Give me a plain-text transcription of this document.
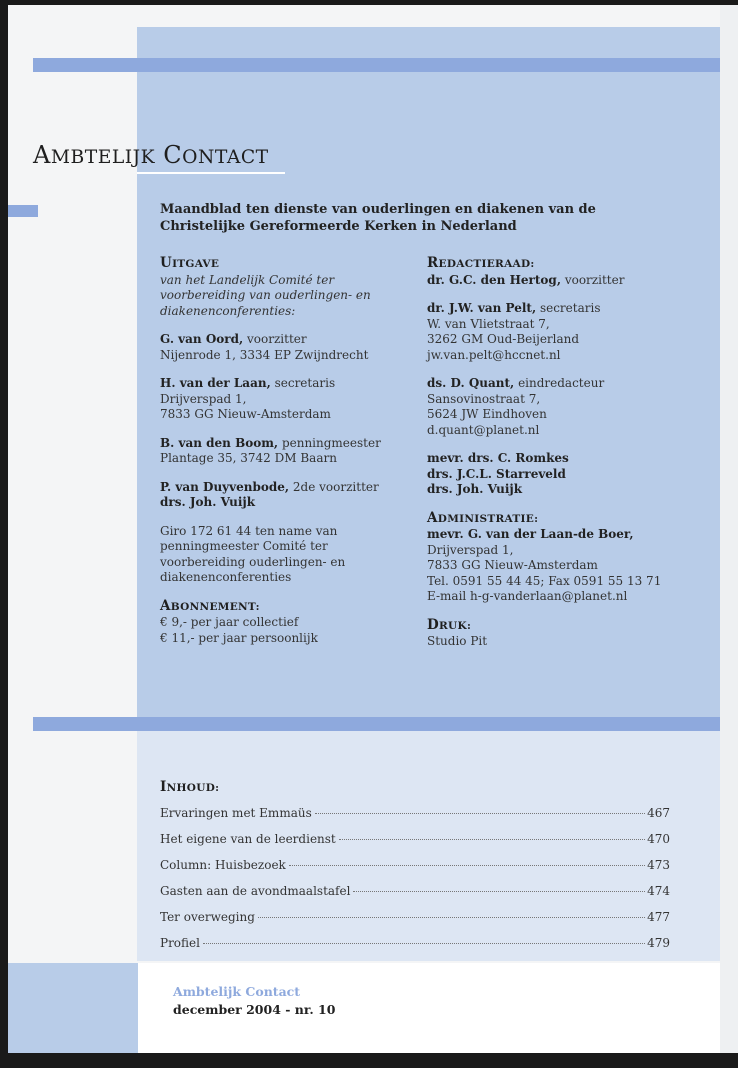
AMBTELIJK CONTACT
Maandblad ten dienste van ouderlingen en diakenen van de Christelijke Gereformeerde Kerken in Nederland
UITGAVE
van het Landelijk Comité ter voorbereiding van ouderlingen- en diakenenconferenties:
G. van Oord, voorzitter
Nijenrode 1, 3334 EP Zwijndrecht
H. van der Laan, secretaris
Drijverspad 1,
7833 GG Nieuw-Amsterdam
B. van den Boom, penningmeester
Plantage 35, 3742 DM Baarn
P. van Duyvenbode, 2de voorzitter
drs. Joh. Vuijk
Giro 172 61 44 ten name van penningmeester Comité ter voorbereiding ouderlingen- en diakenenconferenties
ABONNEMENT:
€ 9,- per jaar collectief
€ 11,- per jaar persoonlijk
REDACTIERAAD:
dr. G.C. den Hertog, voorzitter
dr. J.W. van Pelt, secretaris
W. van Vlietstraat 7,
3262 GM Oud-Beijerland
jw.van.pelt@hccnet.nl
ds. D. Quant, eindredacteur
Sansovinostraat 7,
5624 JW Eindhoven
d.quant@planet.nl
mevr. drs. C. Romkes
drs. J.C.L. Starreveld
drs. Joh. Vuijk
ADMINISTRATIE:
mevr. G. van der Laan-de Boer,
Drijverspad 1,
7833 GG Nieuw-Amsterdam
Tel. 0591 55 44 45; Fax 0591 55 13 71
E-mail h-g-vanderlaan@planet.nl
DRUK:
Studio Pit
INHOUD:
Ervaringen met Emmaüs	467
Het eigene van de leerdienst	470
Column: Huisbezoek	473
Gasten aan de avondmaalstafel	474
Ter overweging	477
Profiel	479
Ambtelijk Contact
december 2004 - nr. 10
